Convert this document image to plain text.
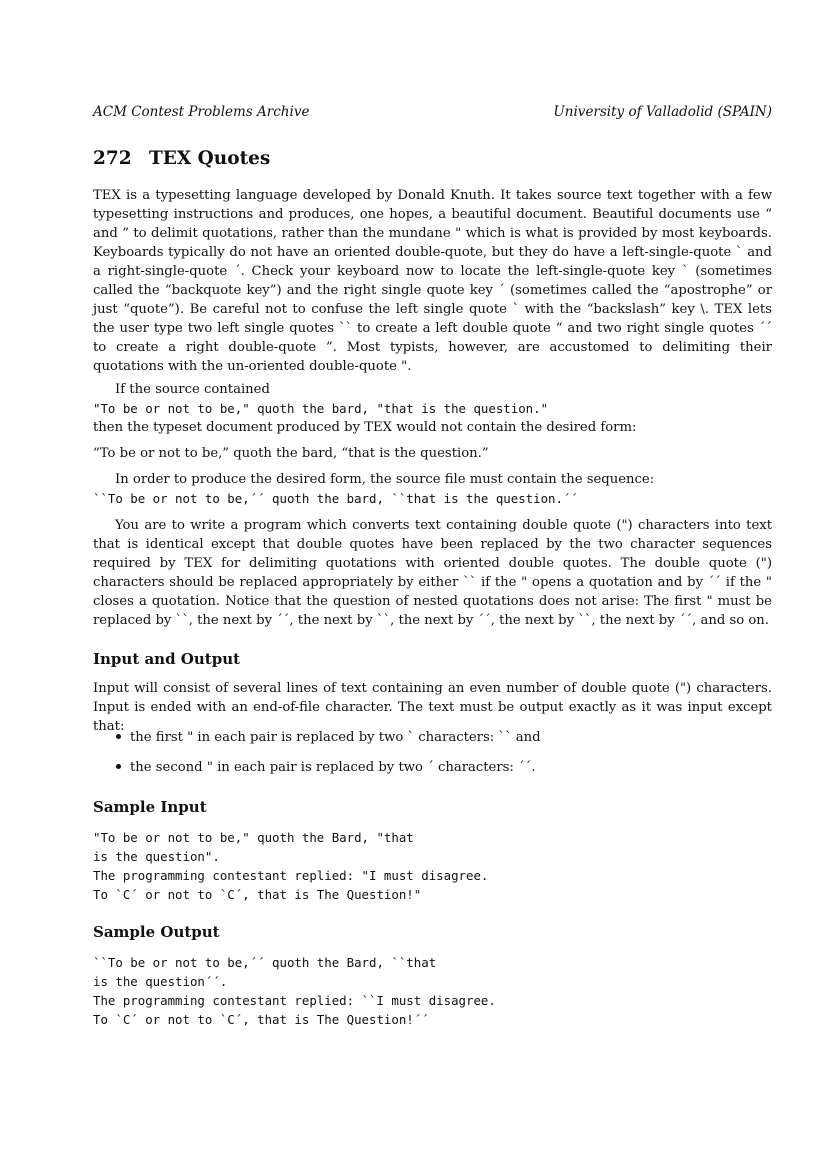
ACM Contest Problems Archive	University of Valladolid (SPAIN)
272 TEX Quotes
TEX is a typesetting language developed by Donald Knuth. It takes source text together with a few typesetting instructions and produces, one hopes, a beautiful document. Beautiful documents use “ and ” to delimit quotations, rather than the mundane " which is what is provided by most keyboards. Keyboards typically do not have an oriented double-quote, but they do have a left-single-quote ` and a right-single-quote ´. Check your keyboard now to locate the left-single-quote key ` (sometimes called the “backquote key”) and the right single quote key ´ (sometimes called the “apostrophe” or just “quote”). Be careful not to confuse the left single quote ` with the “backslash” key \. TEX lets the user type two left single quotes `` to create a left double quote “ and two right single quotes ´´ to create a right double-quote ”. Most typists, however, are accustomed to delimiting their quotations with the un-oriented double-quote ".
If the source contained
"To be or not to be," quoth the bard, "that is the question."
then the typeset document produced by TEX would not contain the desired form:
“To be or not to be,” quoth the bard, “that is the question.”
In order to produce the desired form, the source file must contain the sequence:
``To be or not to be,´´ quoth the bard, ``that is the question.´´
You are to write a program which converts text containing double quote (") characters into text that is identical except that double quotes have been replaced by the two character sequences required by TEX for delimiting quotations with oriented double quotes. The double quote (") characters should be replaced appropriately by either `` if the " opens a quotation and by ´´ if the " closes a quotation. Notice that the question of nested quotations does not arise: The first " must be replaced by ``, the next by ´´, the next by ``, the next by ´´, the next by ``, the next by ´´, and so on.
Input and Output
Input will consist of several lines of text containing an even number of double quote (") characters. Input is ended with an end-of-file character. The text must be output exactly as it was input except that:
the first " in each pair is replaced by two ` characters: `` and
the second " in each pair is replaced by two ´ characters: ´´.
Sample Input
"To be or not to be," quoth the Bard, "that
is the question".
The programming contestant replied: "I must disagree.
To `C´ or not to `C´, that is The Question!"
Sample Output
``To be or not to be,´´ quoth the Bard, ``that
is the question´´.
The programming contestant replied: ``I must disagree.
To `C´ or not to `C´, that is The Question!´´
